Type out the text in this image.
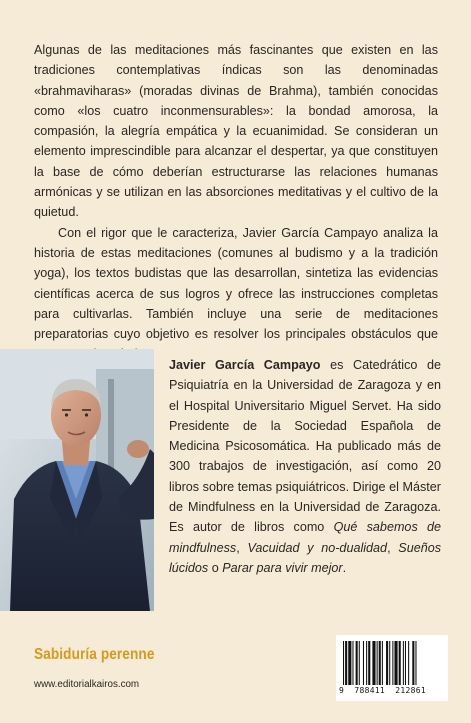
Algunas de las meditaciones más fascinantes que existen en las tradiciones contemplativas índicas son las denominadas «brahmaviharas» (moradas divinas de Brahma), también conocidas como «los cuatro inconmensurables»: la bondad amorosa, la compasión, la alegría empática y la ecuanimidad. Se consideran un elemento imprescindible para alcanzar el despertar, ya que constituyen la base de cómo deberían estructurarse las relaciones humanas armónicas y se utilizan en las absorciones meditativas y el cultivo de la quietud.

Con el rigor que le caracteriza, Javier García Campayo analiza la historia de estas meditaciones (comunes al budismo y a la tradición yoga), los textos budistas que las desarrollan, sintetiza las evidencias científicas acerca de sus logros y ofrece las instrucciones completas para cultivarlas. También incluye una serie de meditaciones preparatorias cuyo objetivo es resolver los principales obstáculos que

Javier García Campayo es Catedrático de Psiquiatría en la Universidad de Zaragoza y en el Hospital Universitario Miguel Servet. Ha sido Presidente de la Sociedad Española de Medicina Psicosomática. Ha publicado más de 300 trabajos de investigación, así como 20 libros sobre temas psiquiátricos. Dirige el Máster de Mindfulness en la Universidad de Zaragoza. Es autor de libros como Qué sabemos de mindfulness, Vacuidad y no-dualidad, Sueños lúcidos o Parar para vivir mejor.

Sabiduría perenne
www.editorialkairos.com
9  788411  212861
